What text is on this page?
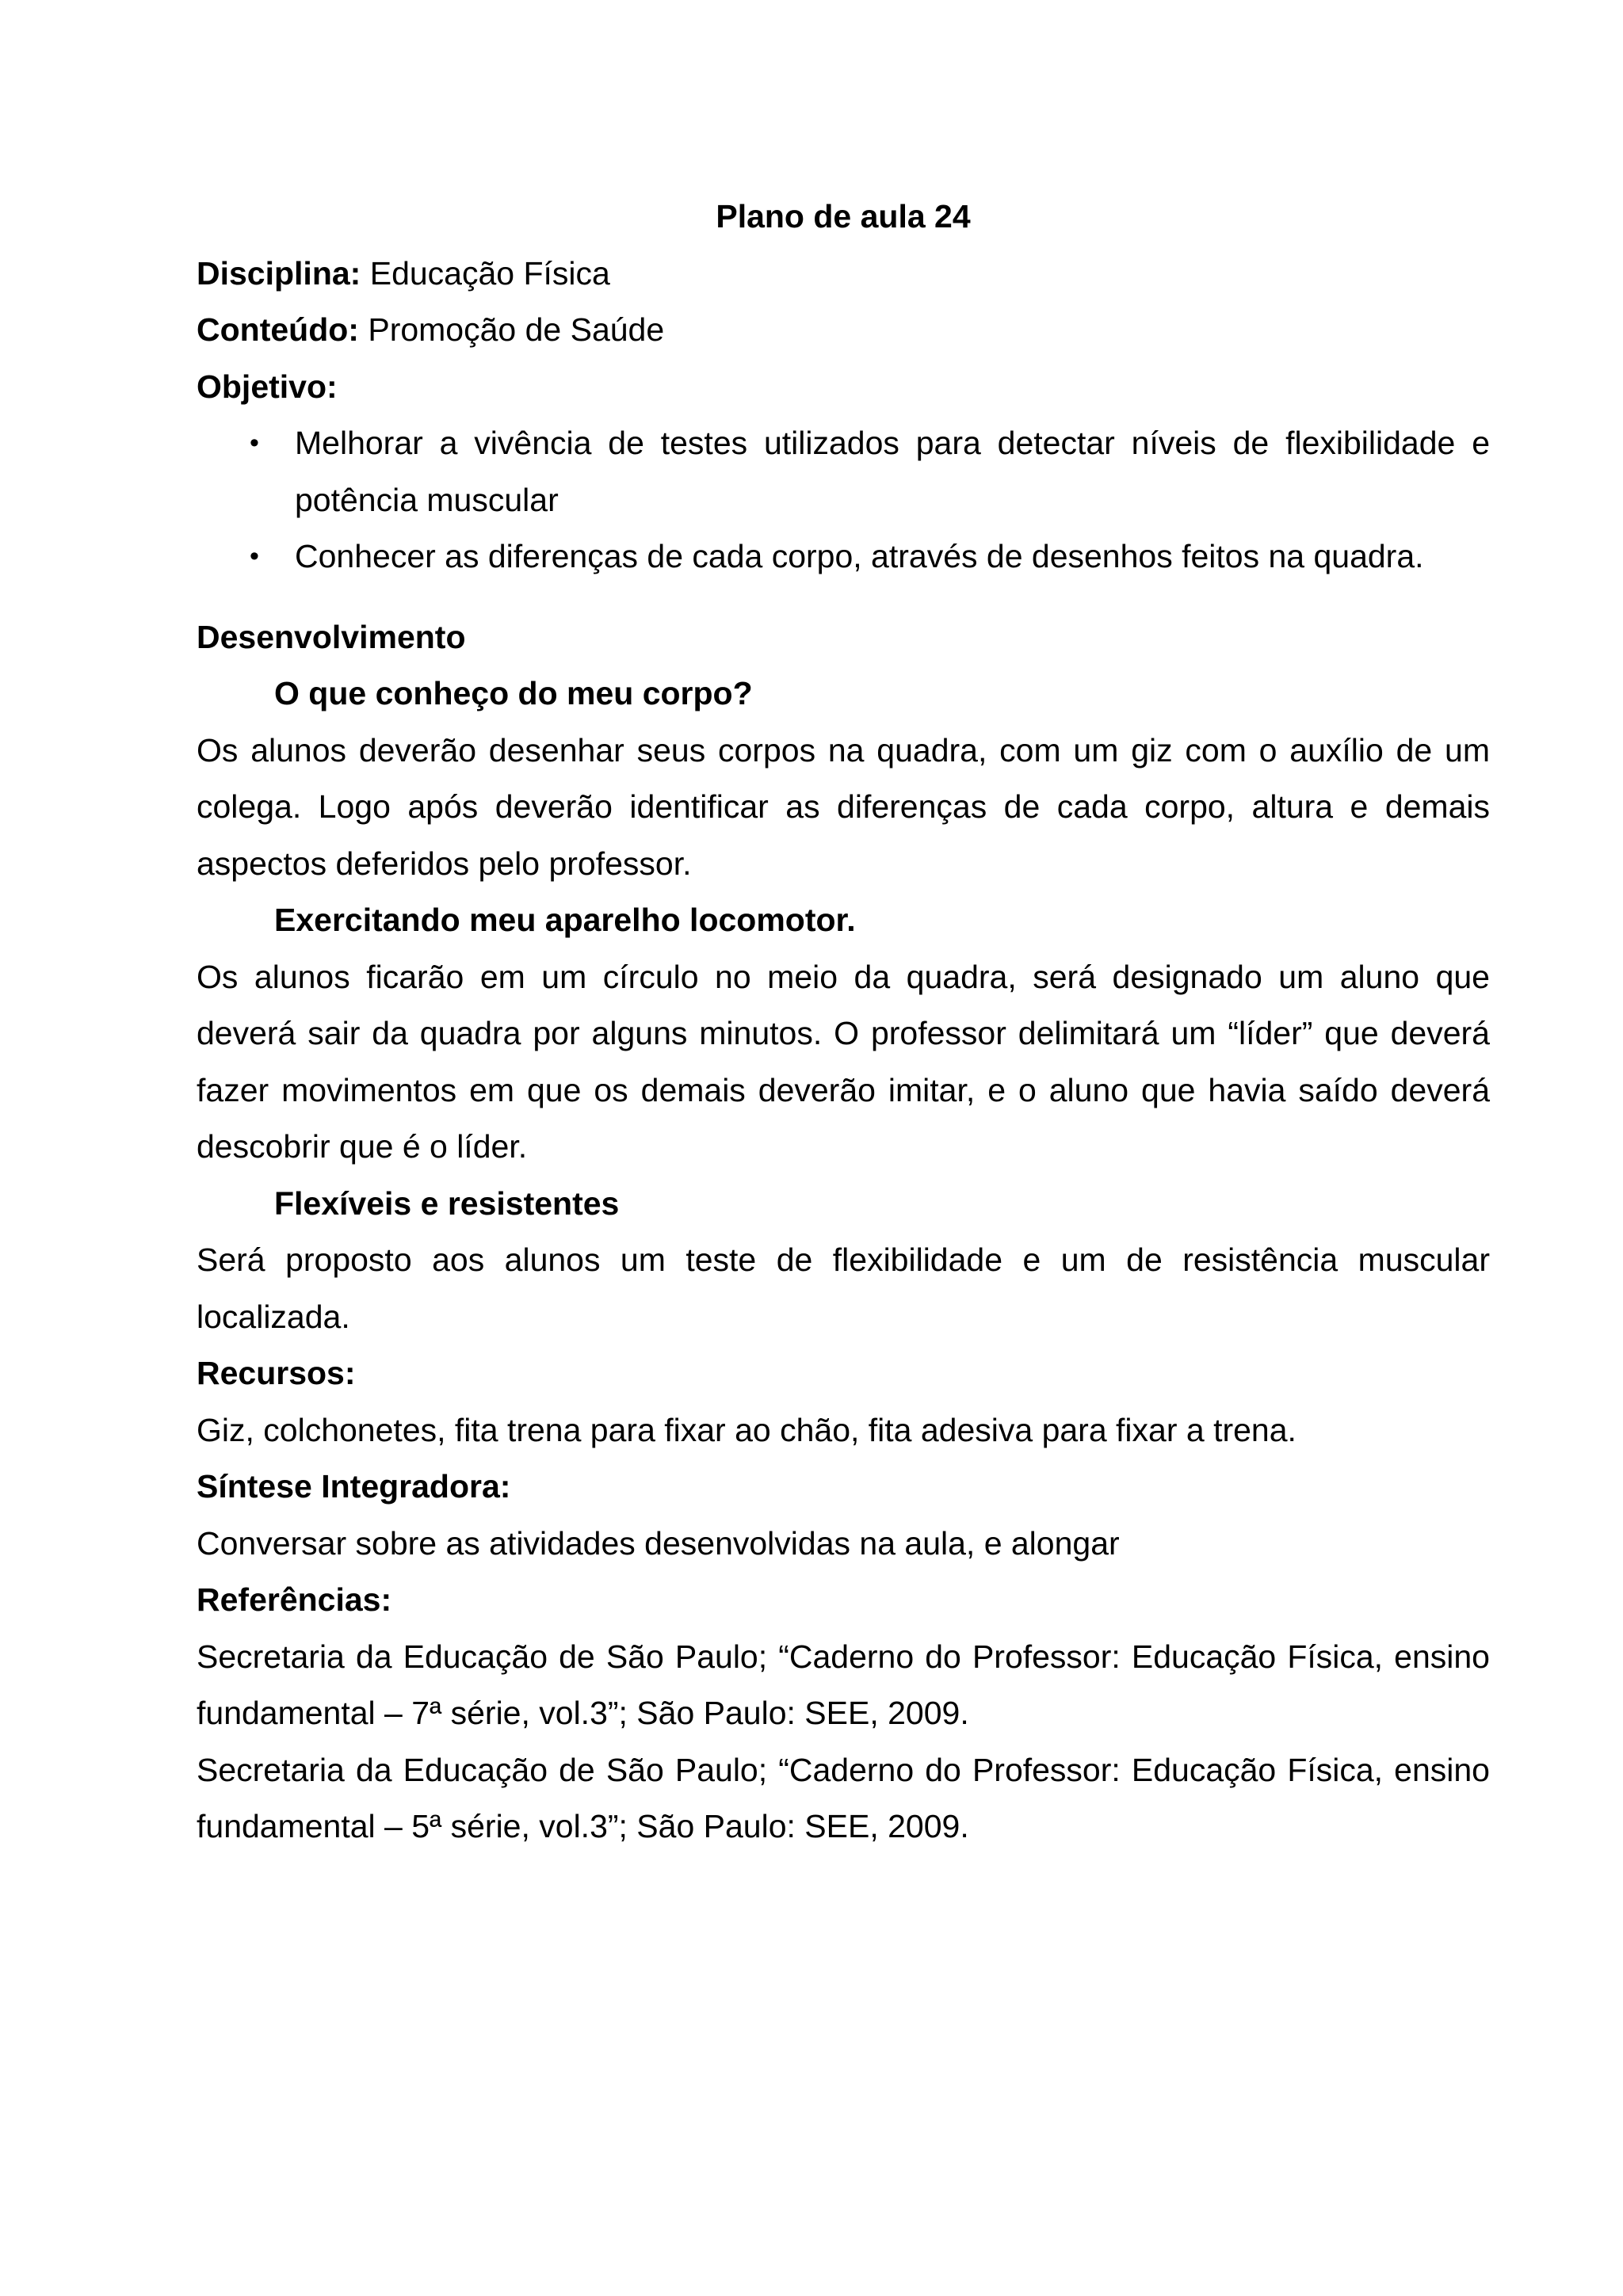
Plano de aula 24

Disciplina: Educação Física

Conteúdo: Promoção de Saúde

Objetivo:

• Melhorar a vivência de testes utilizados para detectar níveis de flexibilidade e potência muscular
• Conhecer as diferenças de cada corpo, através de desenhos feitos na quadra.

Desenvolvimento

O que conheço do meu corpo?

Os alunos deverão desenhar seus corpos na quadra, com um giz com o auxílio de um colega. Logo após deverão identificar as diferenças de cada corpo, altura e demais aspectos deferidos pelo professor.

Exercitando meu aparelho locomotor.

Os alunos ficarão em um círculo no meio da quadra, será designado um aluno que deverá sair da quadra por alguns minutos. O professor delimitará um “líder” que deverá fazer movimentos em que os demais deverão imitar, e o aluno que havia saído deverá descobrir que é o líder.

Flexíveis e resistentes

Será proposto aos alunos um teste de flexibilidade e um de resistência muscular localizada.

Recursos:

Giz, colchonetes, fita trena para fixar ao chão, fita adesiva para fixar a trena.

Síntese Integradora:

Conversar sobre as atividades desenvolvidas na aula, e alongar

Referências:

Secretaria da Educação de São Paulo; “Caderno do Professor: Educação Física, ensino fundamental – 7ª série, vol.3”; São Paulo: SEE, 2009.

Secretaria da Educação de São Paulo; “Caderno do Professor: Educação Física, ensino fundamental – 5ª série, vol.3”; São Paulo: SEE, 2009.
